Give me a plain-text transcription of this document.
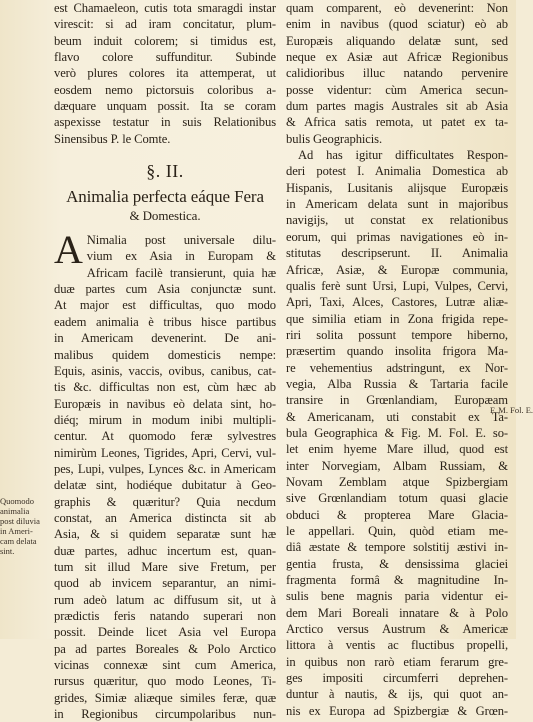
est Chamaeleon, cutis tota smaragdi instar
virescit: si ad iram concitatur, plum-
beum induit colorem; si timidus est,
flavo colore suffunditur. Subinde
verò plures colores ita attemperat, ut
eosdem nemo pictorsuis coloribus a-
dæquare unquam possit. Ita se coram
aspexisse testatur in suis Relationibus
Sinensibus P. le Comte.
§. II.
Animalia perfecta eáque Fera
& Domestica.
A Nimalia post universale dilu-
vium ex Asia in Europam &
Africam facilè transierunt, quia hæ
duæ partes cum Asia conjunctæ sunt.
At major est difficultas, quo modo
eadem animalia è tribus hisce partibus
in Americam devenerint. De ani-
malibus quidem domesticis nempe:
Equis, asinis, vaccis, ovibus, canibus, cat-
tis &c. difficultas non est, cùm hæc ab
Europæis in navibus eò delata sint, ho-
diéq; mirum in modum inibi multipli-
centur. At quomodo feræ sylvestres
nimirùm Leones, Tigrides, Apri, Cervi, vul-
pes, Lupi, vulpes, Lynces &c. in Americam
delatæ sint, hodiéque dubitatur à Geo-
graphis & quæritur? Quia necdum
constat, an America distincta sit ab
Asia, & si quidem separatæ sunt hæ
duæ partes, adhuc incertum est, quan-
tum sit illud Mare sive Fretum, per
quod ab invicem separantur, an nimi-
rum adeò latum ac diffusum sit, ut à
prædictis feris natando superari non
possit. Deinde licet Asia vel Europa
pa ad partes Boreales & Polo Arctico
vicinas connexæ sint cum America,
rursus quæritur, quo modo Leones, Ti-
grides, Simiæ aliæque similes feræ, quæ
in Regionibus circumpolaribus nun-
quam comparent, eò devenerint: Non
enim in navibus (quod sciatur) eò ab
Europæis aliquando delatæ sunt, sed
neque ex Asiæ aut Africæ Regionibus
calidioribus illuc natando pervenire
posse videntur: cùm America secun-
dum partes magis Australes sit ab Asia
& Africa satis remota, ut patet ex ta-
bulis Geographicis.
Ad has igitur difficultates Respon-
deri potest I. Animalia Domestica ab
Hispanis, Lusitanis alijsque Europæis
in Americam delata sunt in majoribus
navigijs, ut constat ex relationibus
eorum, qui primas navigationes eò in-
stitutas descripserunt. II. Animalia
Africæ, Asiæ, & Europæ communia,
qualis ferè sunt Ursi, Lupi, Vulpes, Cervi,
Apri, Taxi, Alces, Castores, Lutræ aliæ-
que similia etiam in Zona frigida repe-
riri solita possunt tempore hiberno,
præsertim quando insolita frigora Ma-
re vehementius adstringunt, ex Nor-
vegia, Alba Russia & Tartaria facile
transire in Grœnlandiam, Europæam
& Americanam, uti constabit ex Ta-
bula Geographica & Fig. M. Fol. E. so-
let enim hyeme Mare illud, quod est
inter Norvegiam, Albam Russiam, &
Novam Zemblam atque Spizbergiam
sive Grœnlandiam totum quasi glacie
obduci & propterea Mare Glacia-
le appellari. Quin, quòd etiam me-
diâ æstate & tempore solstitij æstivi in-
gentia frusta, & densissima glaciei
fragmenta formâ & magnitudine In-
sulis bene magnis paria videntur ei-
dem Mari Boreali innatare & à Polo
Arctico versus Austrum & Americæ
littora à ventis ac fluctibus propelli,
in quibus non rarò etiam ferarum gre-
ges impositi circumferri deprehen-
duntur à nautis, & ijs, qui quot an-
nis ex Europa ad Spizbergiæ & Grœn-
Quomodo
animalia
post diluvia
in Ameri-
cam delata
sint.
F. M. Fol. E.
